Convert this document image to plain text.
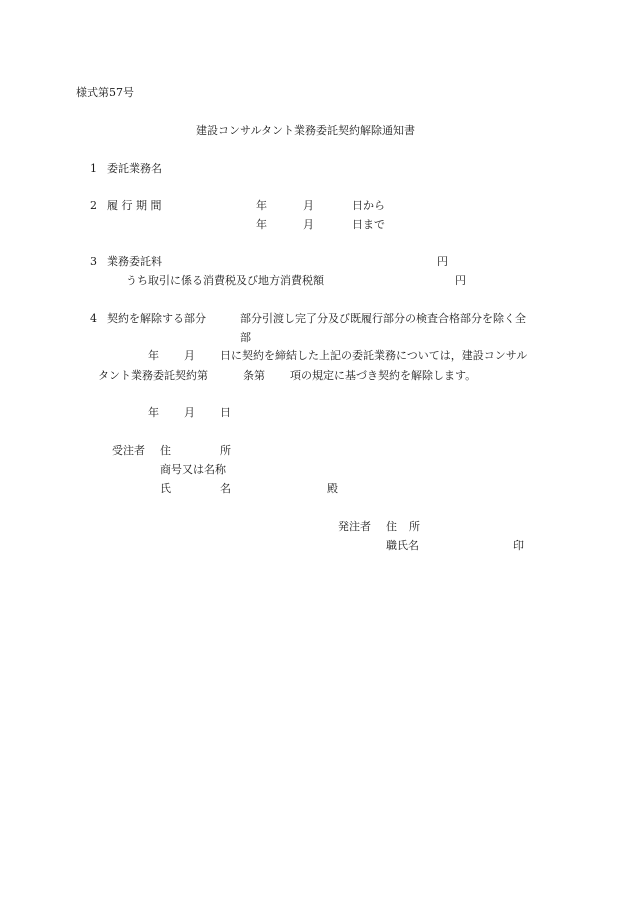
様式第57号
建設コンサルタント業務委託契約解除通知書
1 委託業務名
2 履 行 期 間	年	月	日から
年	月	日まで
3 業務委託料	円
うち取引に係る消費税及び地方消費税額	円
4 契約を解除する部分	部分引渡し完了分及び既履行部分の検査合格部分を除く全
部
年 月 日に契約を締結した上記の委託業務については，建設コンサル
タント業務委託契約第	条第 項の規定に基づき契約を解除します。
年 月 日
受注者 住	所
商号又は名称
氏	名	殿
発注者 住 所
職氏名	印
